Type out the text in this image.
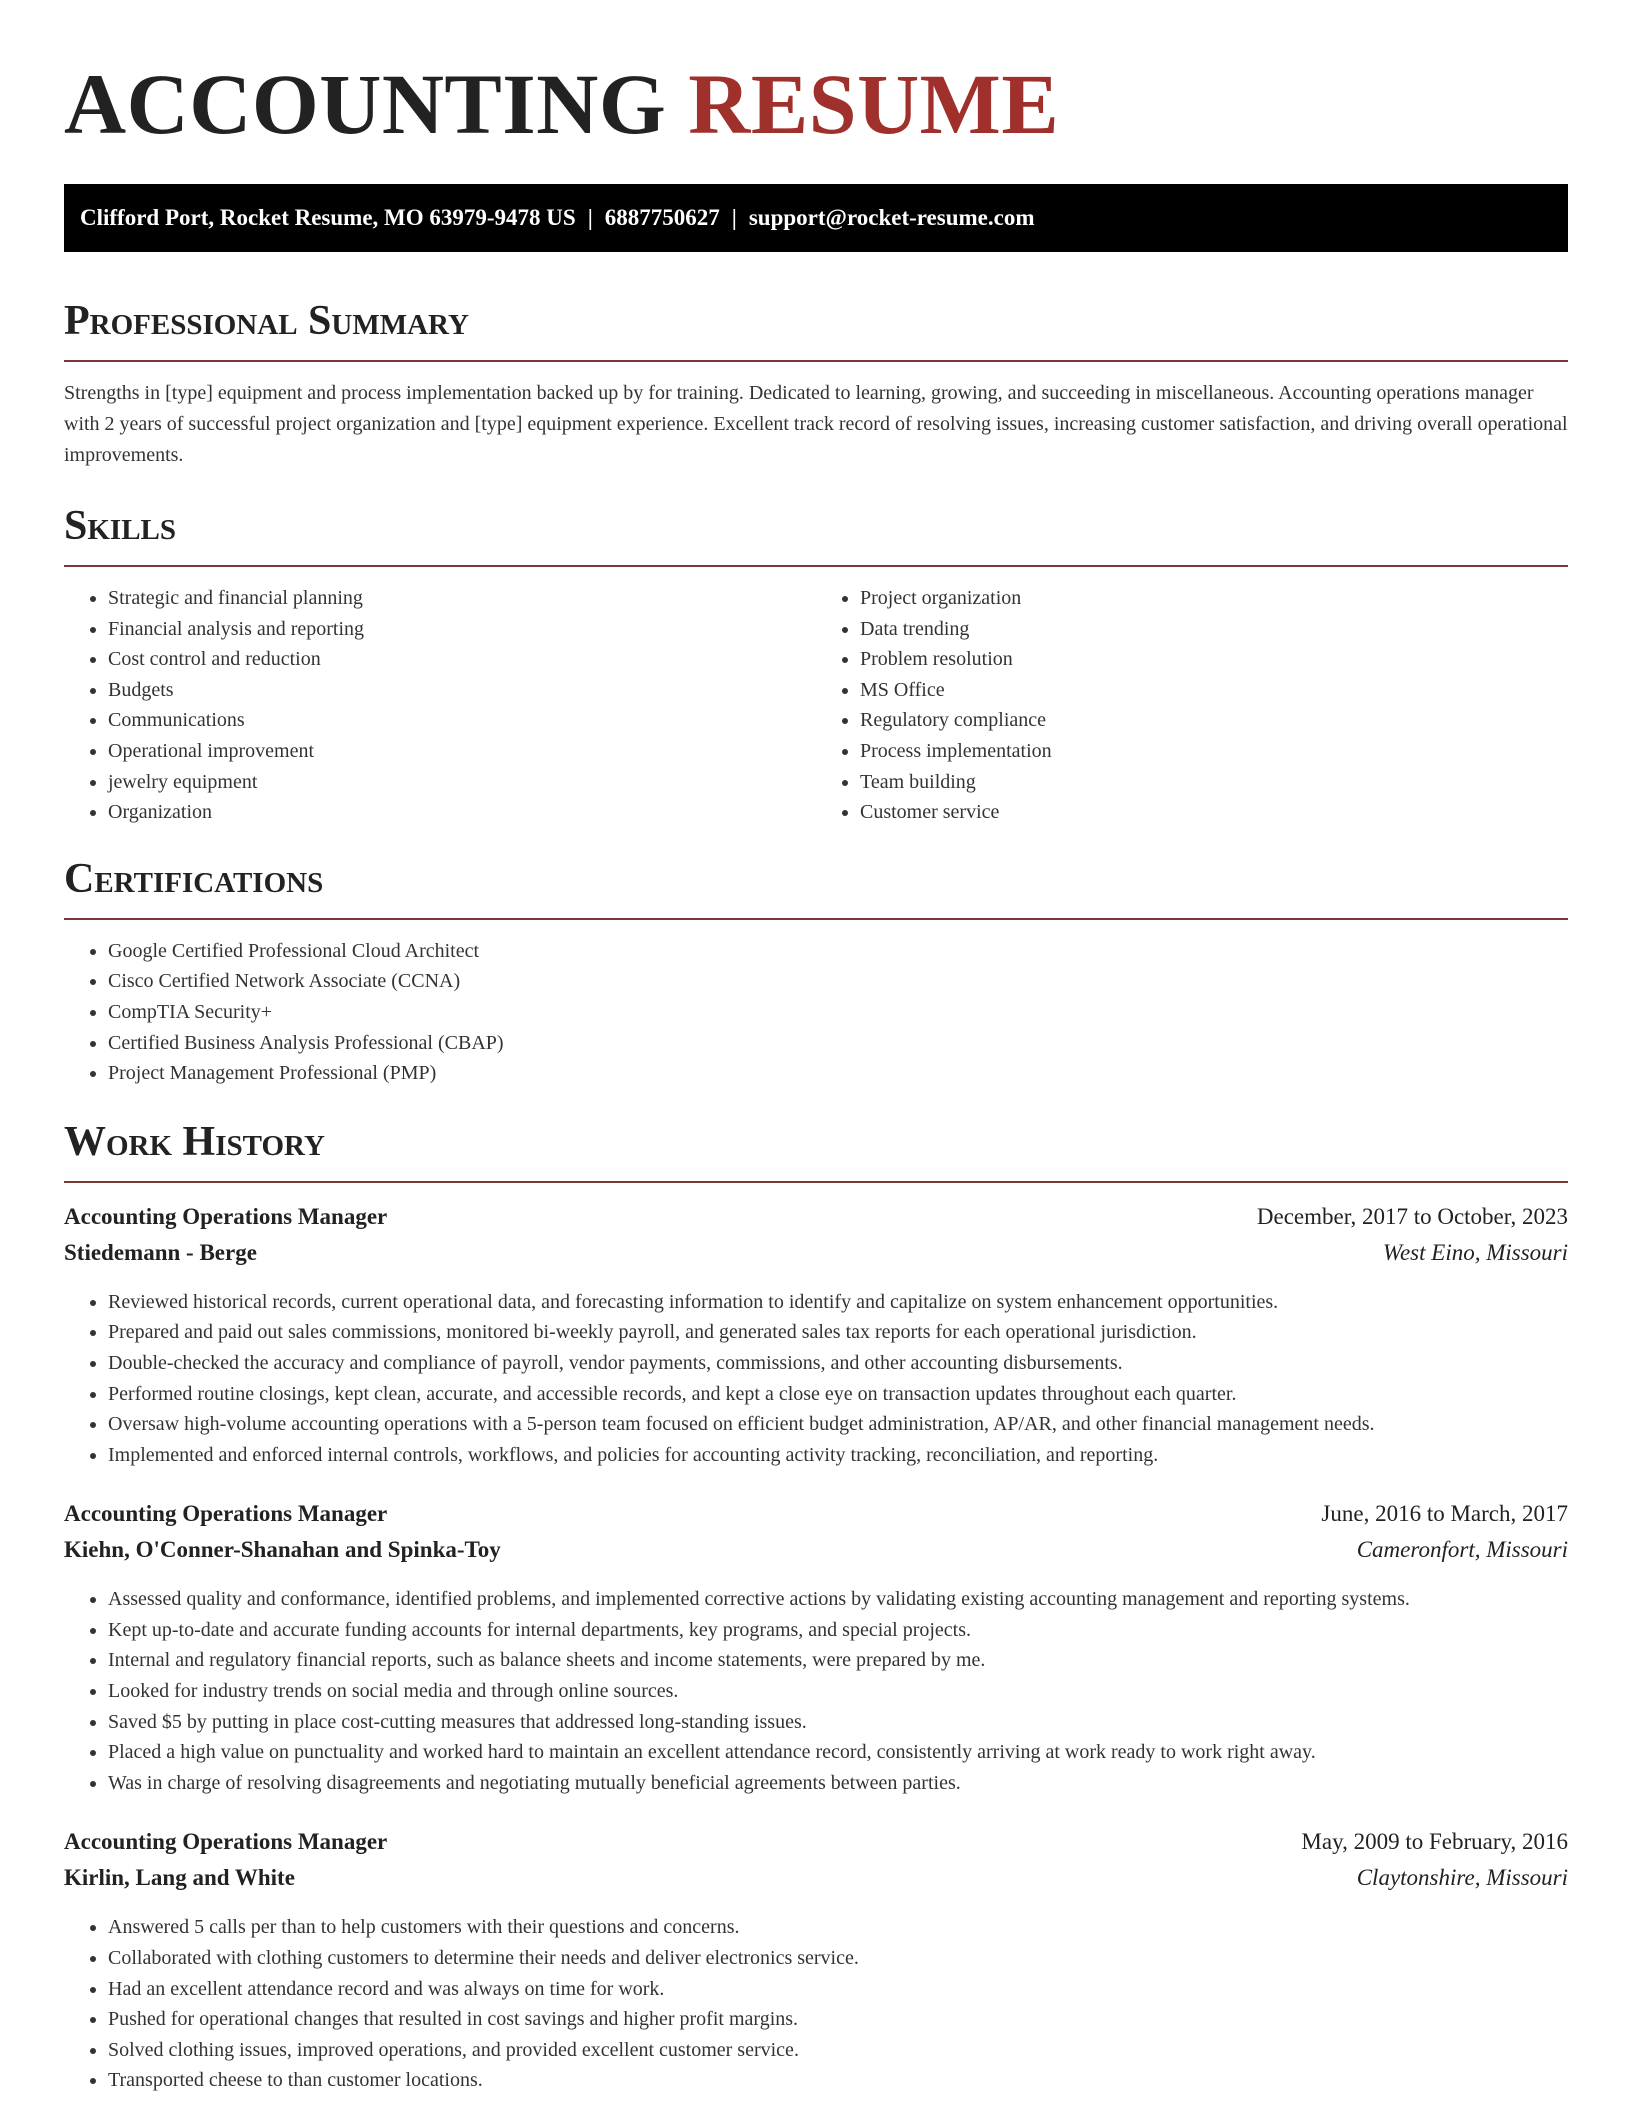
ACCOUNTING RESUME
Clifford Port, Rocket Resume, MO 63979-9478 US | 6887750627 | support@rocket-resume.com
Professional Summary

Strengths in [type] equipment and process implementation backed up by for training. Dedicated to learning, growing, and succeeding in miscellaneous. Accounting operations manager with 2 years of successful project organization and [type] equipment experience. Excellent track record of resolving issues, increasing customer satisfaction, and driving overall operational improvements.

Skills
• Strategic and financial planning
• Financial analysis and reporting
• Cost control and reduction
• Budgets
• Communications
• Operational improvement
• jewelry equipment
• Organization
• Project organization
• Data trending
• Problem resolution
• MS Office
• Regulatory compliance
• Process implementation
• Team building
• Customer service
Certifications
• Google Certified Professional Cloud Architect
• Cisco Certified Network Associate (CCNA)
• CompTIA Security+
• Certified Business Analysis Professional (CBAP)
• Project Management Professional (PMP)
Work History
Accounting Operations Manager	December, 2017 to October, 2023
Stiedemann - Berge	West Eino, Missouri
• Reviewed historical records, current operational data, and forecasting information to identify and capitalize on system enhancement opportunities.
• Prepared and paid out sales commissions, monitored bi-weekly payroll, and generated sales tax reports for each operational jurisdiction.
• Double-checked the accuracy and compliance of payroll, vendor payments, commissions, and other accounting disbursements.
• Performed routine closings, kept clean, accurate, and accessible records, and kept a close eye on transaction updates throughout each quarter.
• Oversaw high-volume accounting operations with a 5-person team focused on efficient budget administration, AP/AR, and other financial management needs.
• Implemented and enforced internal controls, workflows, and policies for accounting activity tracking, reconciliation, and reporting.
Accounting Operations Manager	June, 2016 to March, 2017
Kiehn, O'Conner-Shanahan and Spinka-Toy	Cameronfort, Missouri
• Assessed quality and conformance, identified problems, and implemented corrective actions by validating existing accounting management and reporting systems.
• Kept up-to-date and accurate funding accounts for internal departments, key programs, and special projects.
• Internal and regulatory financial reports, such as balance sheets and income statements, were prepared by me.
• Looked for industry trends on social media and through online sources.
• Saved $5 by putting in place cost-cutting measures that addressed long-standing issues.
• Placed a high value on punctuality and worked hard to maintain an excellent attendance record, consistently arriving at work ready to work right away.
• Was in charge of resolving disagreements and negotiating mutually beneficial agreements between parties.
Accounting Operations Manager	May, 2009 to February, 2016
Kirlin, Lang and White	Claytonshire, Missouri
• Answered 5 calls per than to help customers with their questions and concerns.
• Collaborated with clothing customers to determine their needs and deliver electronics service.
• Had an excellent attendance record and was always on time for work.
• Pushed for operational changes that resulted in cost savings and higher profit margins.
• Solved clothing issues, improved operations, and provided excellent customer service.
• Transported cheese to than customer locations.
